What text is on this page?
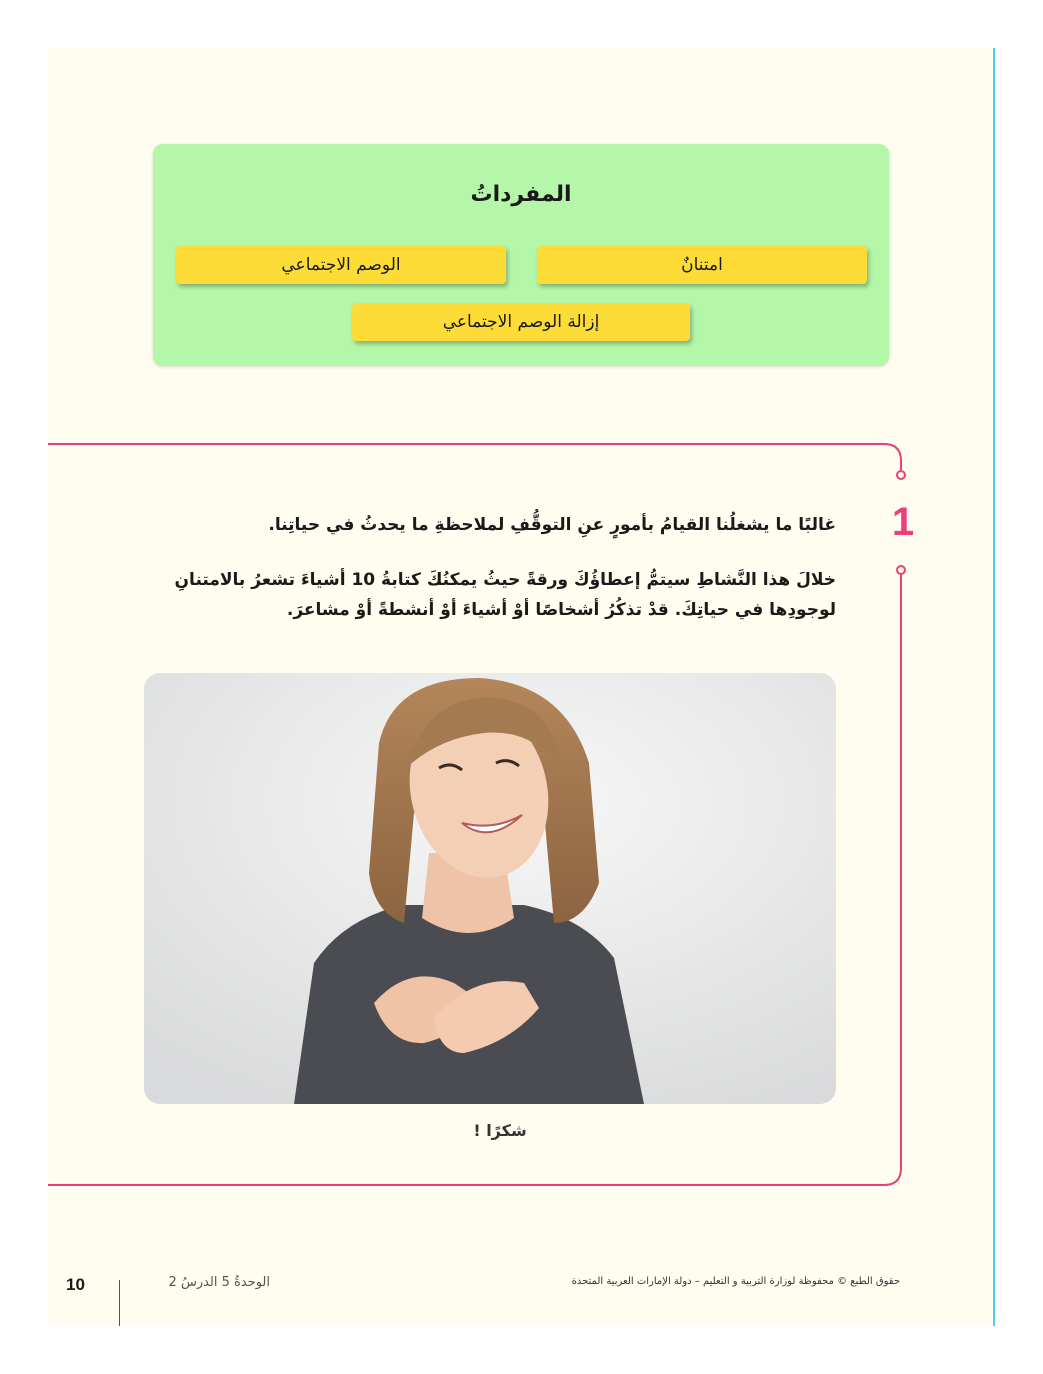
المفرداتُ
امتنانٌ
الوصم الاجتماعي
إزالة الوصم الاجتماعي
1
غالبًا ما يشغلُنا القيامُ بأمورٍ عنِ التوقُّفِ لملاحظةِ ما يحدثُ في حياتِنا.
خلالَ هذا النَّشاطِ سيتمُّ إعطاؤُكَ ورقةً حيثُ يمكنُكَ كتابةُ 10 أشياءَ تشعرُ بالامتنانِ لوجودِها في حياتِكَ. قدْ تذكُرُ أشخاصًا أوْ أشياءَ أوْ أنشطةً أوْ مشاعرَ.
شكرًا !
حقوق الطبع © محفوظة لوزارة التربية و التعليم – دولة الإمارات العربية المتحدة
الوحدةُ 5 الدرسُ 2
10
